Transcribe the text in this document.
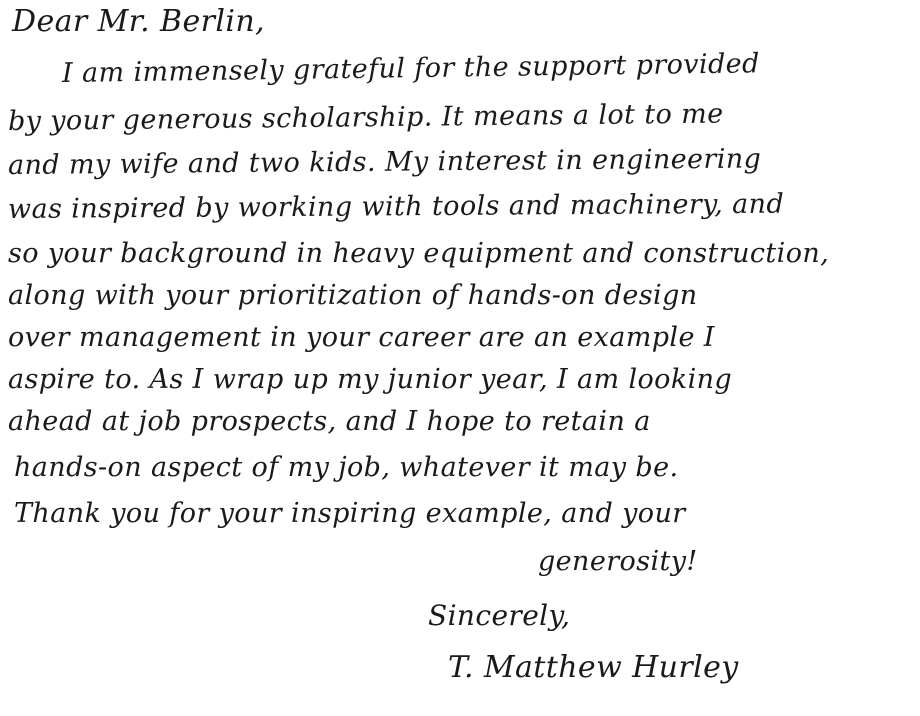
Dear Mr. Berlin,

I am immensely grateful for the support provided

by your generous scholarship. It means a lot to me

and my wife and two kids. My interest in engineering

was inspired by working with tools and machinery, and

so your background in heavy equipment and construction,

along with your prioritization of hands-on design

over management in your career are an example I

aspire to. As I wrap up my junior year, I am looking

ahead at job prospects, and I hope to retain a

hands-on aspect of my job, whatever it may be.

Thank you for your inspiring example, and your

generosity!

Sincerely,

T. Matthew Hurley
